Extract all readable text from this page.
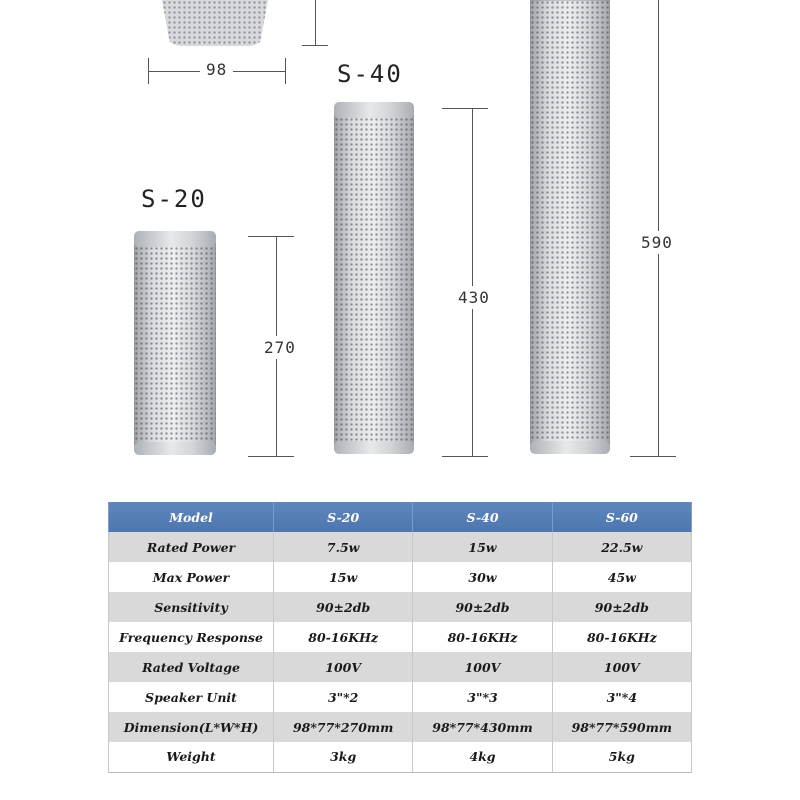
98	S-40
S-20
270
430
590
Model	S-20	S-40	S-60
Rated Power	7.5w	15w	22.5w
Max Power	15w	30w	45w
Sensitivity	90±2db	90±2db	90±2db
Frequency Response	80-16KHz	80-16KHz	80-16KHz
Rated Voltage	100V	100V	100V
Speaker Unit	3"*2	3"*3	3"*4
Dimension(L*W*H)	98*77*270mm	98*77*430mm	98*77*590mm
Weight	3kg	4kg	5kg
